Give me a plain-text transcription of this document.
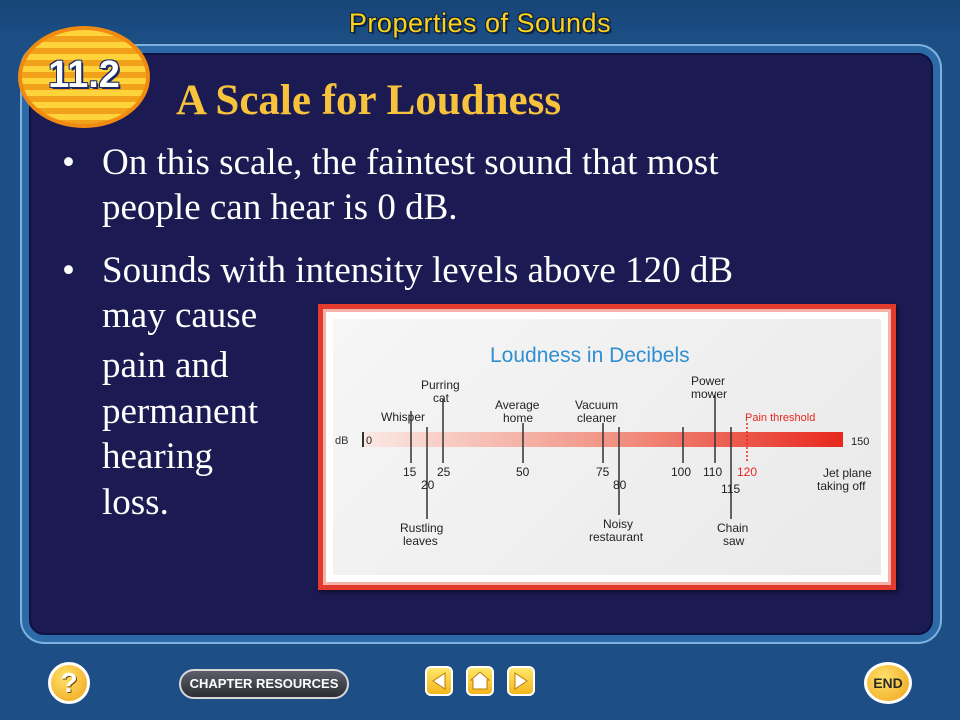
Properties of Sounds
11.2
A Scale for Loudness
• On this scale, the faintest sound that most
people can hear is 0 dB.
• Sounds with intensity levels above 120 dB
may cause
pain and
permanent
hearing
loss.
Loudness in Decibels
dB
15
20
25	50	75
80
100 110
115
120
150
0
Whisper
Purring
cat	Average
home
Vacuum
cleaner
Power
mower
Pain threshold
Rustling
leaves
Noisy
restaurant
Chain
saw
Jet plane
taking off
?	CHAPTER RESOURCES	END
